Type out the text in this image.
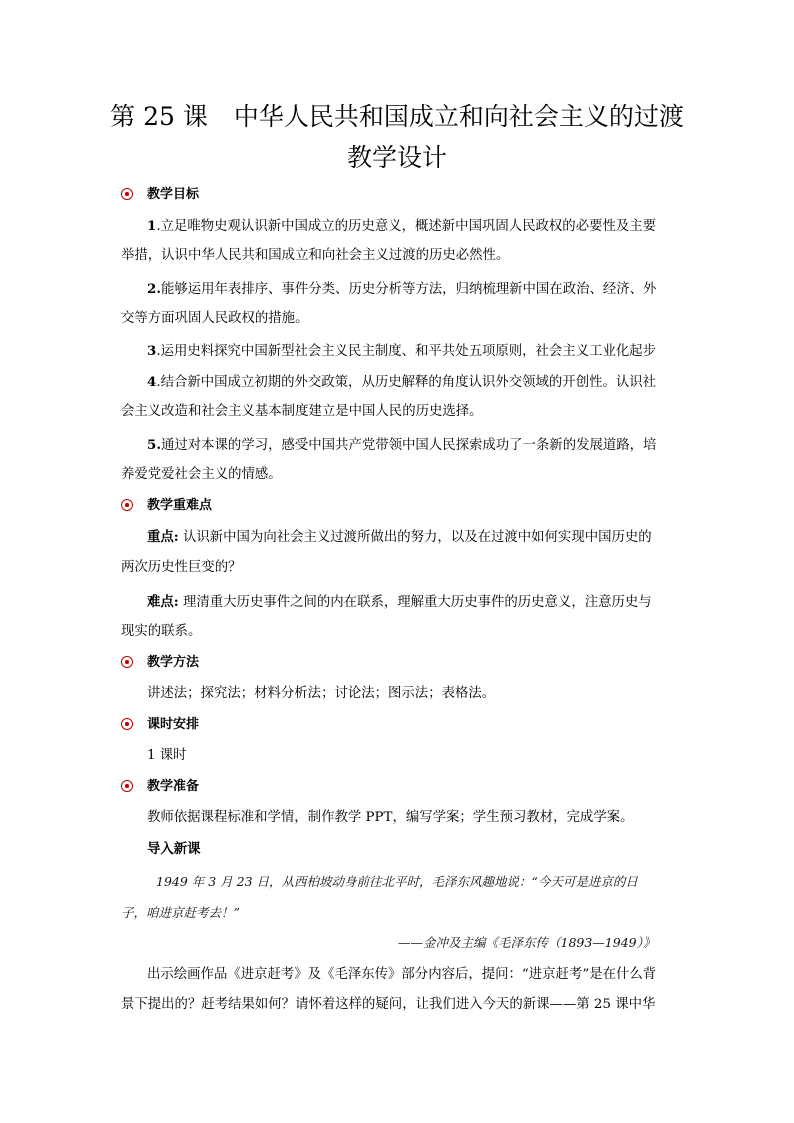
第 25 课 中华人民共和国成立和向社会主义的过渡
教学设计
教学目标
1.立足唯物史观认识新中国成立的历史意义，概述新中国巩固人民政权的必要性及主要
举措，认识中华人民共和国成立和向社会主义过渡的历史必然性。
2.能够运用年表排序、事件分类、历史分析等方法，归纳梳理新中国在政治、经济、外
交等方面巩固人民政权的措施。
3.运用史料探究中国新型社会主义民主制度、和平共处五项原则，社会主义工业化起步
4.结合新中国成立初期的外交政策，从历史解释的角度认识外交领域的开创性。认识社
会主义改造和社会主义基本制度建立是中国人民的历史选择。
5.通过对本课的学习，感受中国共产党带领中国人民探索成功了一条新的发展道路，培
养爱党爱社会主义的情感。
教学重难点
重点: 认识新中国为向社会主义过渡所做出的努力，以及在过渡中如何实现中国历史的
两次历史性巨变的？
难点: 理清重大历史事件之间的内在联系，理解重大历史事件的历史意义，注意历史与
现实的联系。
教学方法
讲述法；探究法；材料分析法；讨论法；图示法；表格法。
课时安排
1 课时
教学准备
教师依据课程标准和学情，制作教学 PPT，编写学案；学生预习教材，完成学案。
导入新课
1949 年 3 月 23 日，从西柏坡动身前往北平时，毛泽东风趣地说：“今天可是进京的日
子，咱进京赶考去！”
——金冲及主编《毛泽东传（1893—1949）》
出示绘画作品《进京赶考》及《毛泽东传》部分内容后，提问：“进京赶考”是在什么背
景下提出的？赶考结果如何？请怀着这样的疑问，让我们进入今天的新课——第 25 课中华
